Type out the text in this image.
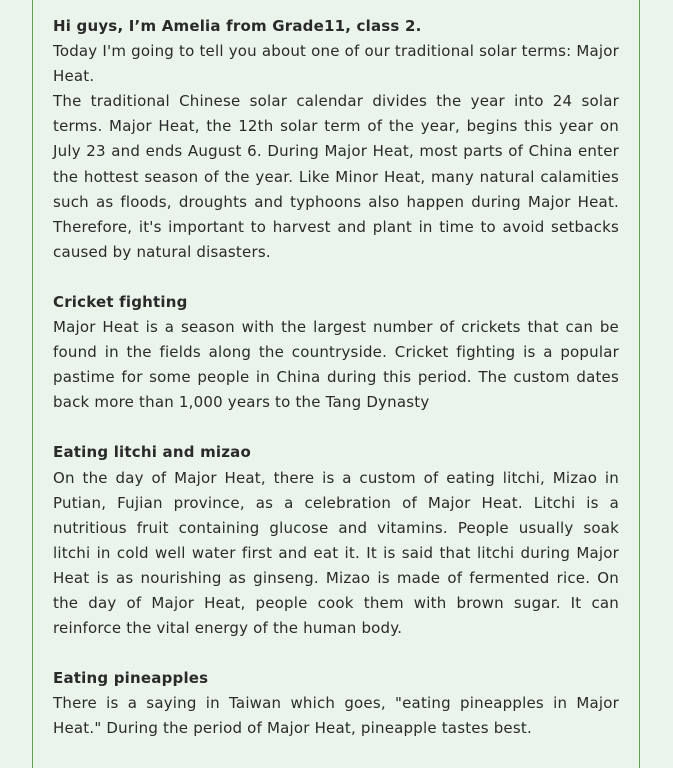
Hi guys, I’m Amelia from Grade11, class 2.

Today I'm going to tell you about one of our traditional solar terms: Major Heat.

The traditional Chinese solar calendar divides the year into 24 solar terms. Major Heat, the 12th solar term of the year, begins this year on July 23 and ends August 6. During Major Heat, most parts of China enter the hottest season of the year. Like Minor Heat, many natural calamities such as floods, droughts and typhoons also happen during Major Heat. Therefore, it's important to harvest and plant in time to avoid setbacks caused by natural disasters.

Cricket fighting

Major Heat is a season with the largest number of crickets that can be found in the fields along the countryside. Cricket fighting is a popular pastime for some people in China during this period. The custom dates back more than 1,000 years to the Tang Dynasty

Eating litchi and mizao

On the day of Major Heat, there is a custom of eating litchi, Mizao in Putian, Fujian province, as a celebration of Major Heat. Litchi is a nutritious fruit containing glucose and vitamins. People usually soak litchi in cold well water first and eat it. It is said that litchi during Major Heat is as nourishing as ginseng. Mizao is made of fermented rice. On the day of Major Heat, people cook them with brown sugar. It can reinforce the vital energy of the human body.

Eating pineapples

There is a saying in Taiwan which goes, "eating pineapples in Major Heat." During the period of Major Heat, pineapple tastes best.
